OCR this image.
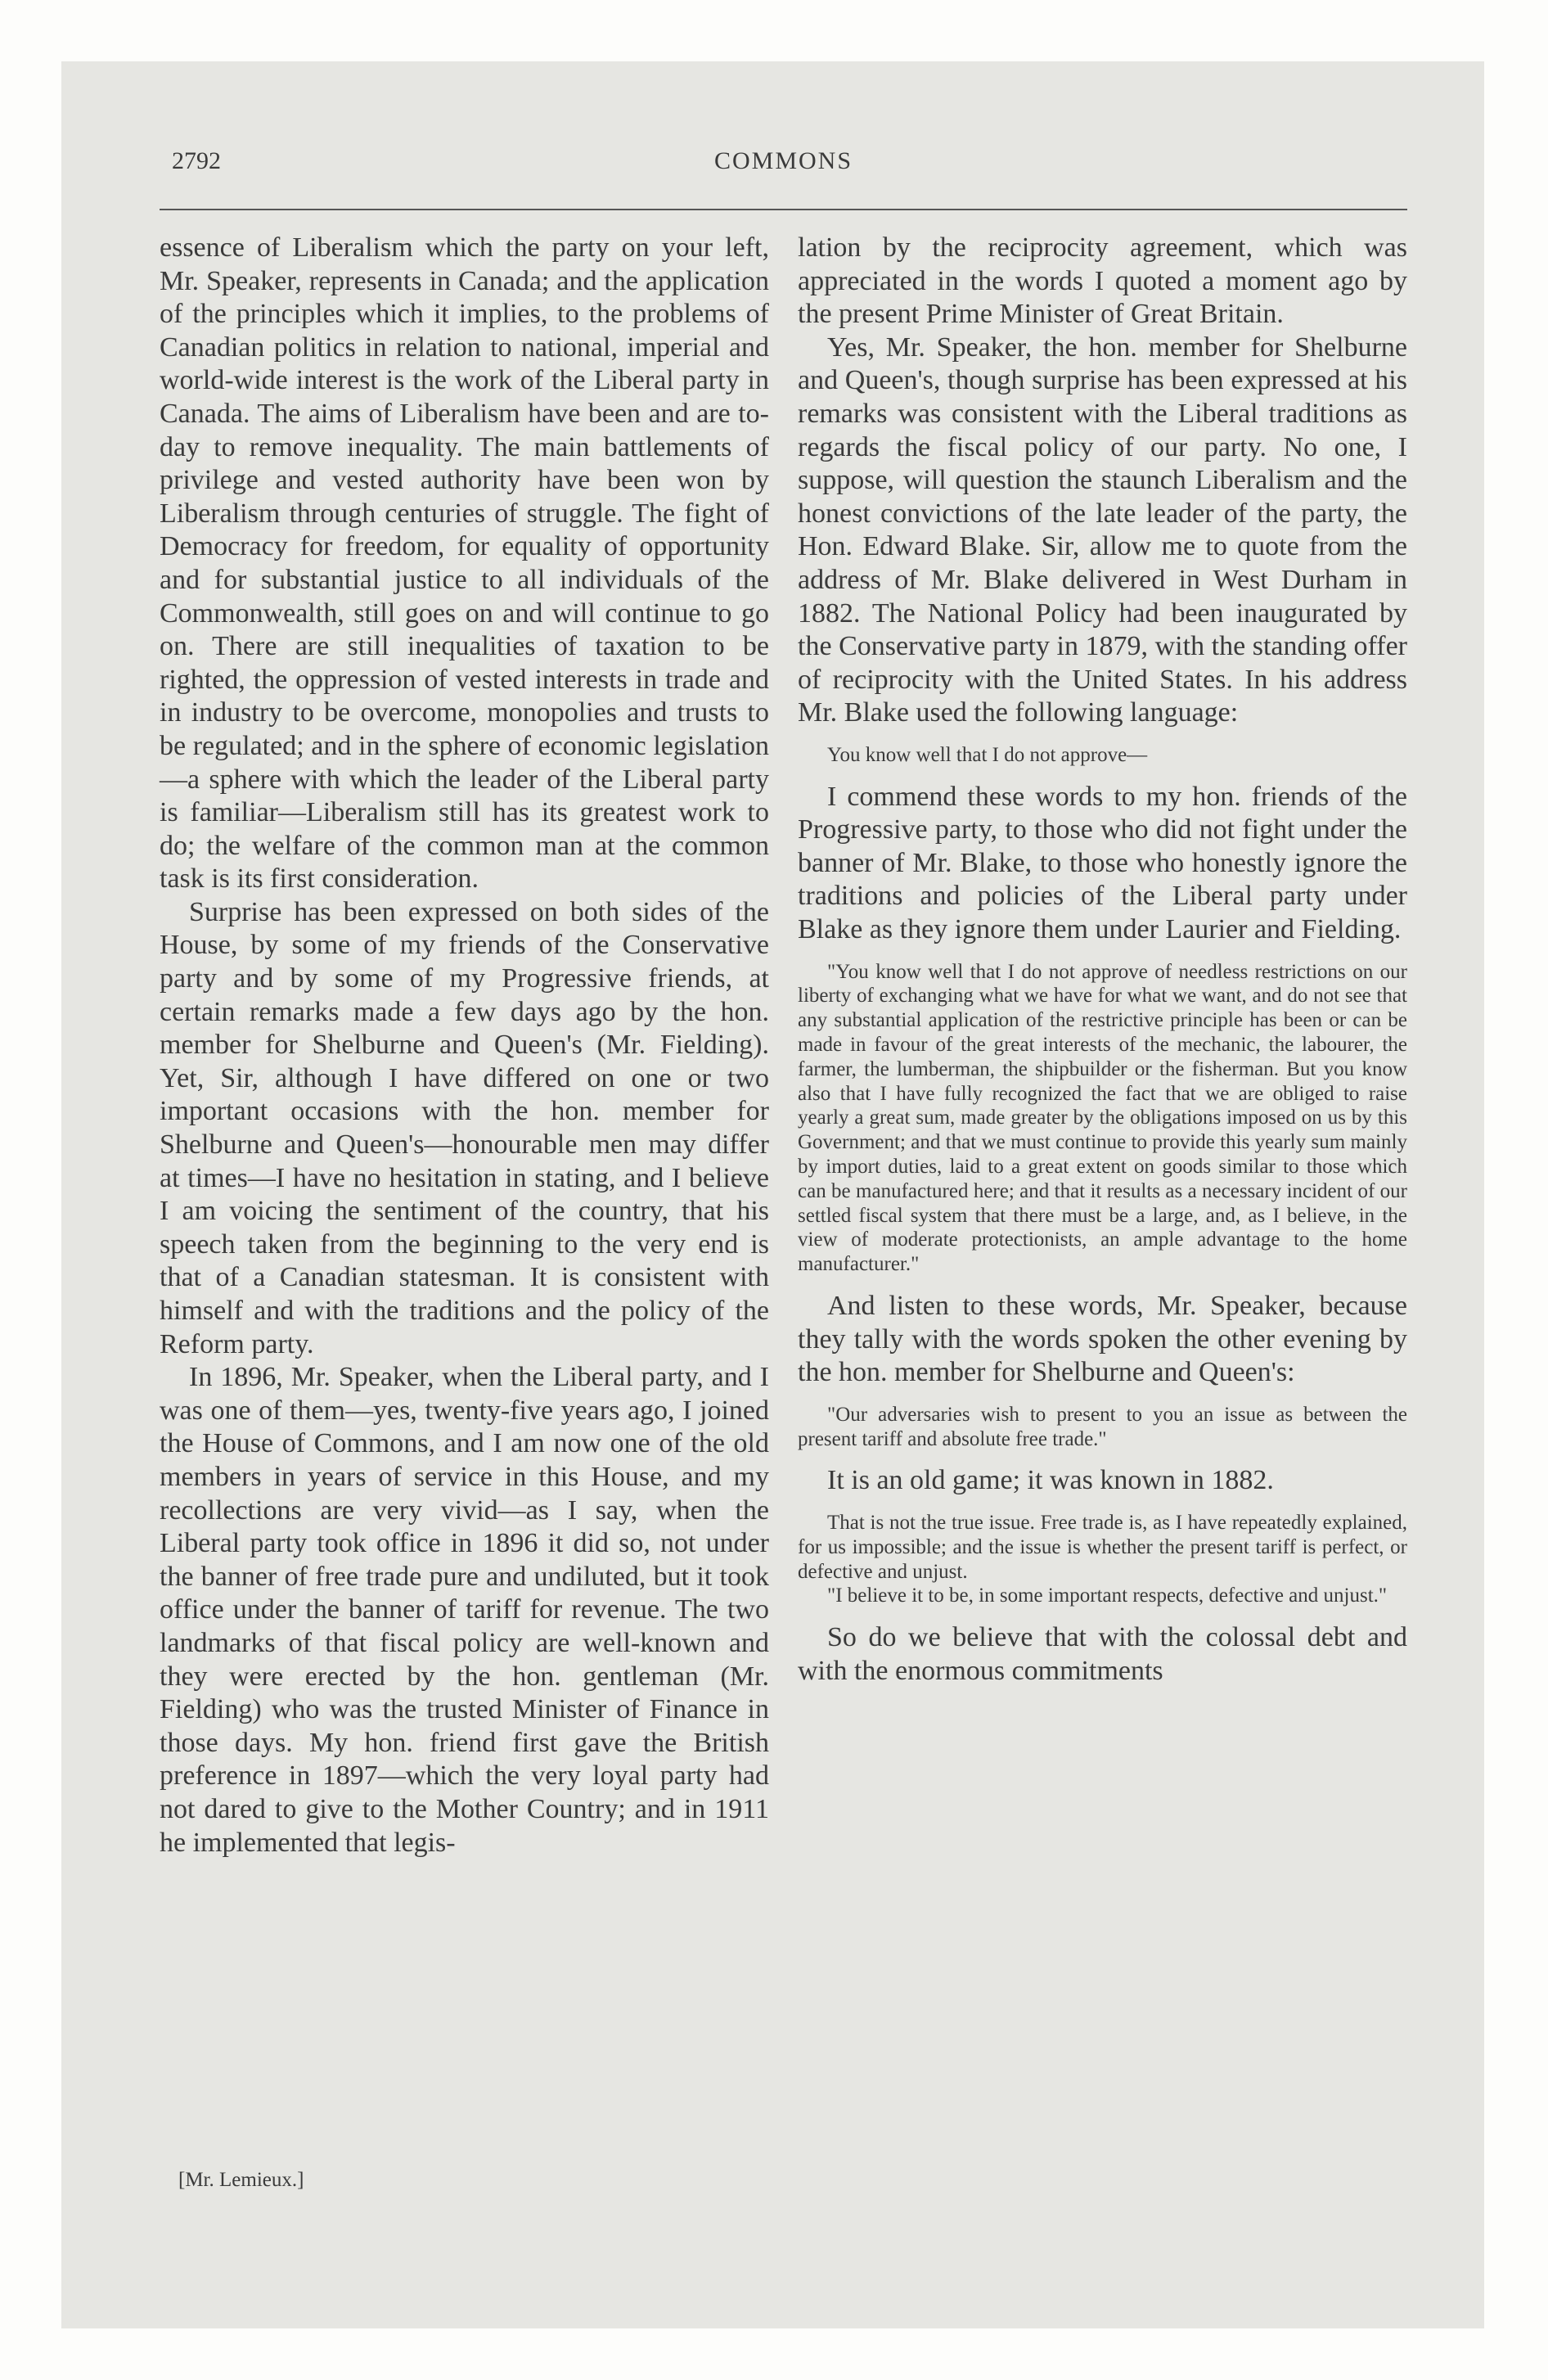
2792	COMMONS

essence of Liberalism which the party on your left, Mr. Speaker, represents in Canada; and the application of the principles which it implies, to the problems of Canadian politics in relation to national, imperial and world-wide interest is the work of the Liberal party in Canada. The aims of Liberalism have been and are to-day to remove inequality. The main battlements of privilege and vested authority have been won by Liberalism through centuries of struggle. The fight of Democracy for freedom, for equality of opportunity and for substantial justice to all individuals of the Commonwealth, still goes on and will continue to go on. There are still inequalities of taxation to be righted, the oppression of vested interests in trade and in industry to be overcome, monopolies and trusts to be regulated; and in the sphere of economic legislation—a sphere with which the leader of the Liberal party is familiar—Liberalism still has its greatest work to do; the welfare of the common man at the common task is its first consideration.

Surprise has been expressed on both sides of the House, by some of my friends of the Conservative party and by some of my Progressive friends, at certain remarks made a few days ago by the hon. member for Shelburne and Queen's (Mr. Fielding). Yet, Sir, although I have differed on one or two important occasions with the hon. member for Shelburne and Queen's—honourable men may differ at times—I have no hesitation in stating, and I believe I am voicing the sentiment of the country, that his speech taken from the beginning to the very end is that of a Canadian statesman. It is consistent with himself and with the traditions and the policy of the Reform party.

In 1896, Mr. Speaker, when the Liberal party, and I was one of them—yes, twenty-five years ago, I joined the House of Commons, and I am now one of the old members in years of service in this House, and my recollections are very vivid—as I say, when the Liberal party took office in 1896 it did so, not under the banner of free trade pure and undiluted, but it took office under the banner of tariff for revenue. The two landmarks of that fiscal policy are well-known and they were erected by the hon. gentleman (Mr. Fielding) who was the trusted Minister of Finance in those days. My hon. friend first gave the British preference in 1897—which the very loyal party had not dared to give to the Mother Country; and in 1911 he implemented that legis-

[Mr. Lemieux.]

lation by the reciprocity agreement, which was appreciated in the words I quoted a moment ago by the present Prime Minister of Great Britain.

Yes, Mr. Speaker, the hon. member for Shelburne and Queen's, though surprise has been expressed at his remarks was consistent with the Liberal traditions as regards the fiscal policy of our party. No one, I suppose, will question the staunch Liberalism and the honest convictions of the late leader of the party, the Hon. Edward Blake. Sir, allow me to quote from the address of Mr. Blake delivered in West Durham in 1882. The National Policy had been inaugurated by the Conservative party in 1879, with the standing offer of reciprocity with the United States. In his address Mr. Blake used the following language:

You know well that I do not approve—

I commend these words to my hon. friends of the Progressive party, to those who did not fight under the banner of Mr. Blake, to those who honestly ignore the traditions and policies of the Liberal party under Blake as they ignore them under Laurier and Fielding.

"You know well that I do not approve of needless restrictions on our liberty of exchanging what we have for what we want, and do not see that any substantial application of the restrictive principle has been or can be made in favour of the great interests of the mechanic, the labourer, the farmer, the lumberman, the shipbuilder or the fisherman. But you know also that I have fully recognized the fact that we are obliged to raise yearly a great sum, made greater by the obligations imposed on us by this Government; and that we must continue to provide this yearly sum mainly by import duties, laid to a great extent on goods similar to those which can be manufactured here; and that it results as a necessary incident of our settled fiscal system that there must be a large, and, as I believe, in the view of moderate protectionists, an ample advantage to the home manufacturer."

And listen to these words, Mr. Speaker, because they tally with the words spoken the other evening by the hon. member for Shelburne and Queen's:

"Our adversaries wish to present to you an issue as between the present tariff and absolute free trade."

It is an old game; it was known in 1882.

That is not the true issue. Free trade is, as I have repeatedly explained, for us impossible; and the issue is whether the present tariff is perfect, or defective and unjust.
"I believe it to be, in some important respects, defective and unjust."

So do we believe that with the colossal debt and with the enormous commitments
